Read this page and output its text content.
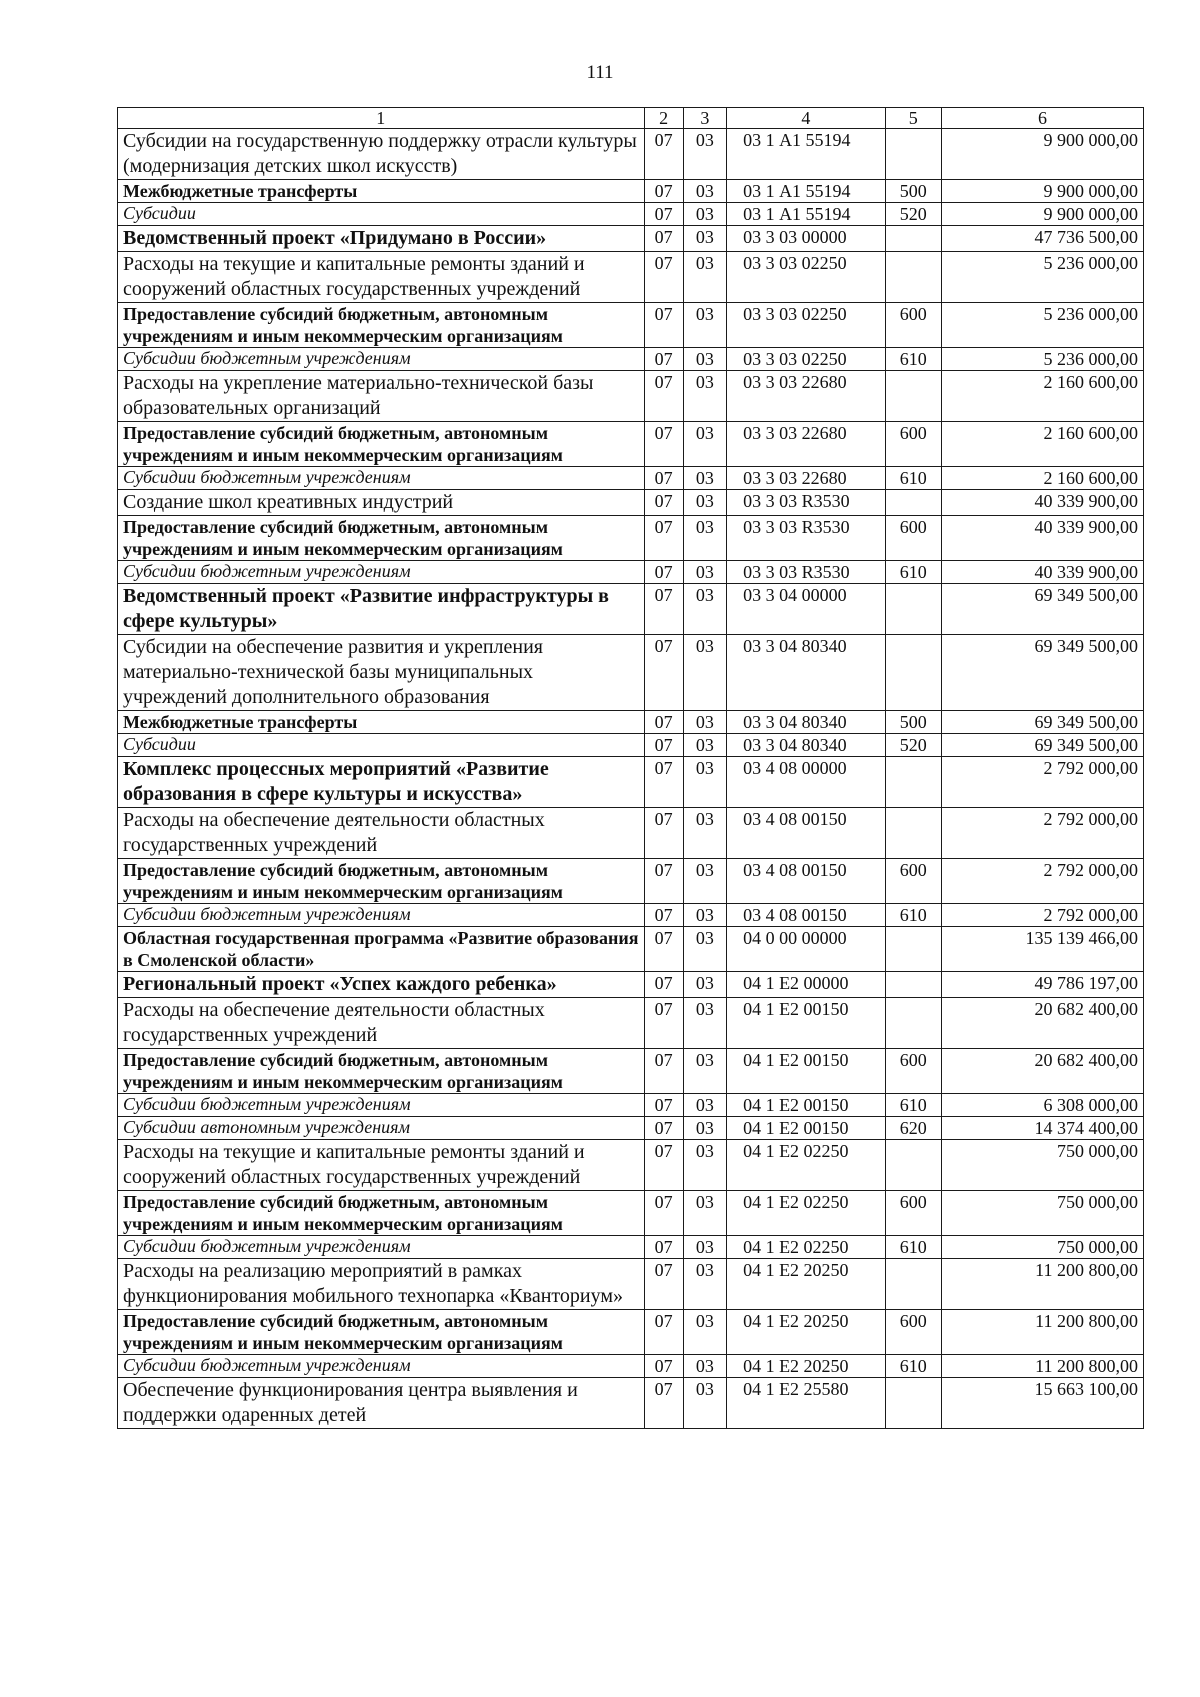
111
1	2	3	4	5	6
Субсидии на государственную поддержку отрасли культуры (модернизация детских школ искусств)	07	03	03 1 А1 55194		9 900 000,00
Межбюджетные трансферты	07	03	03 1 А1 55194	500	9 900 000,00
Субсидии	07	03	03 1 А1 55194	520	9 900 000,00
Ведомственный проект «Придумано в России»	07	03	03 3 03 00000		47 736 500,00
Расходы на текущие и капитальные ремонты зданий и сооружений областных государственных учреждений	07	03	03 3 03 02250		5 236 000,00
Предоставление субсидий бюджетным, автономным учреждениям и иным некоммерческим организациям	07	03	03 3 03 02250	600	5 236 000,00
Субсидии бюджетным учреждениям	07	03	03 3 03 02250	610	5 236 000,00
Расходы на укрепление материально-технической базы образовательных организаций	07	03	03 3 03 22680		2 160 600,00
Предоставление субсидий бюджетным, автономным учреждениям и иным некоммерческим организациям	07	03	03 3 03 22680	600	2 160 600,00
Субсидии бюджетным учреждениям	07	03	03 3 03 22680	610	2 160 600,00
Создание школ креативных индустрий	07	03	03 3 03 R3530		40 339 900,00
Предоставление субсидий бюджетным, автономным учреждениям и иным некоммерческим организациям	07	03	03 3 03 R3530	600	40 339 900,00
Субсидии бюджетным учреждениям	07	03	03 3 03 R3530	610	40 339 900,00
Ведомственный проект «Развитие инфраструктуры в сфере культуры»	07	03	03 3 04 00000		69 349 500,00
Субсидии на обеспечение развития и укрепления материально-технической базы муниципальных учреждений дополнительного образования	07	03	03 3 04 80340		69 349 500,00
Межбюджетные трансферты	07	03	03 3 04 80340	500	69 349 500,00
Субсидии	07	03	03 3 04 80340	520	69 349 500,00
Комплекс процессных мероприятий «Развитие образования в сфере культуры и искусства»	07	03	03 4 08 00000		2 792 000,00
Расходы на обеспечение деятельности областных государственных учреждений	07	03	03 4 08 00150		2 792 000,00
Предоставление субсидий бюджетным, автономным учреждениям и иным некоммерческим организациям	07	03	03 4 08 00150	600	2 792 000,00
Субсидии бюджетным учреждениям	07	03	03 4 08 00150	610	2 792 000,00
Областная государственная программа «Развитие образования в Смоленской области»	07	03	04 0 00 00000		135 139 466,00
Региональный проект «Успех каждого ребенка»	07	03	04 1 Е2 00000		49 786 197,00
Расходы на обеспечение деятельности областных государственных учреждений	07	03	04 1 Е2 00150		20 682 400,00
Предоставление субсидий бюджетным, автономным учреждениям и иным некоммерческим организациям	07	03	04 1 Е2 00150	600	20 682 400,00
Субсидии бюджетным учреждениям	07	03	04 1 Е2 00150	610	6 308 000,00
Субсидии автономным учреждениям	07	03	04 1 Е2 00150	620	14 374 400,00
Расходы на текущие и капитальные ремонты зданий и сооружений областных государственных учреждений	07	03	04 1 Е2 02250		750 000,00
Предоставление субсидий бюджетным, автономным учреждениям и иным некоммерческим организациям	07	03	04 1 Е2 02250	600	750 000,00
Субсидии бюджетным учреждениям	07	03	04 1 Е2 02250	610	750 000,00
Расходы на реализацию мероприятий в рамках функционирования мобильного технопарка «Кванториум»	07	03	04 1 Е2 20250		11 200 800,00
Предоставление субсидий бюджетным, автономным учреждениям и иным некоммерческим организациям	07	03	04 1 Е2 20250	600	11 200 800,00
Субсидии бюджетным учреждениям	07	03	04 1 Е2 20250	610	11 200 800,00
Обеспечение функционирования центра выявления и поддержки одаренных детей	07	03	04 1 Е2 25580		15 663 100,00
